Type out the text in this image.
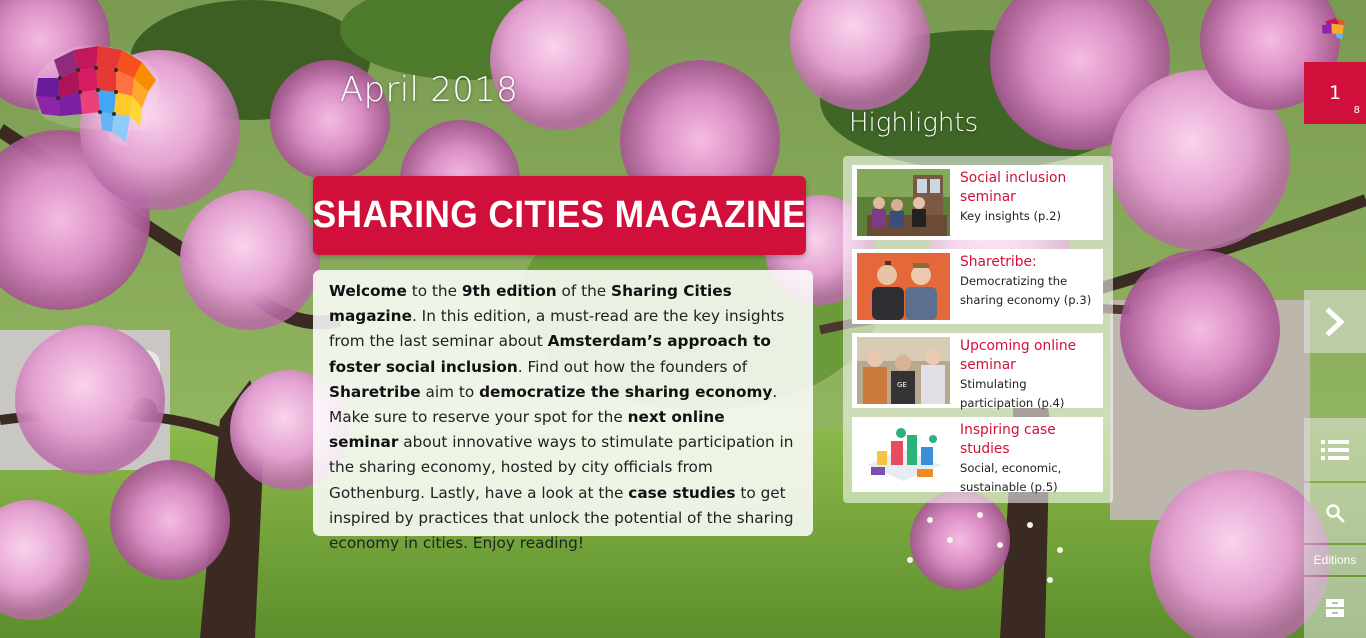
April 2018
SHARING CITIES MAGAZINE
Welcome to the 9th edition of the Sharing Cities magazine. In this edition, a must-read are the key insights from the last seminar about Amsterdam’s approach to foster social inclusion. Find out how the founders of Sharetribe aim to democratize the sharing economy. Make sure to reserve your spot for the next online seminar about innovative ways to stimulate participation in the sharing economy, hosted by city officials from Gothenburg. Lastly, have a look at the case studies to get inspired by practices that unlock the potential of the sharing economy in cities. Enjoy reading!
Highlights
Social inclusion
seminar
Key insights (p.2)
Sharetribe:
Democratizing the
sharing economy (p.3)
GE
Upcoming online
seminar
Stimulating
participation (p.4)
Inspiring case
studies
Social, economic,
sustainable (p.5)
1
8
Editions
